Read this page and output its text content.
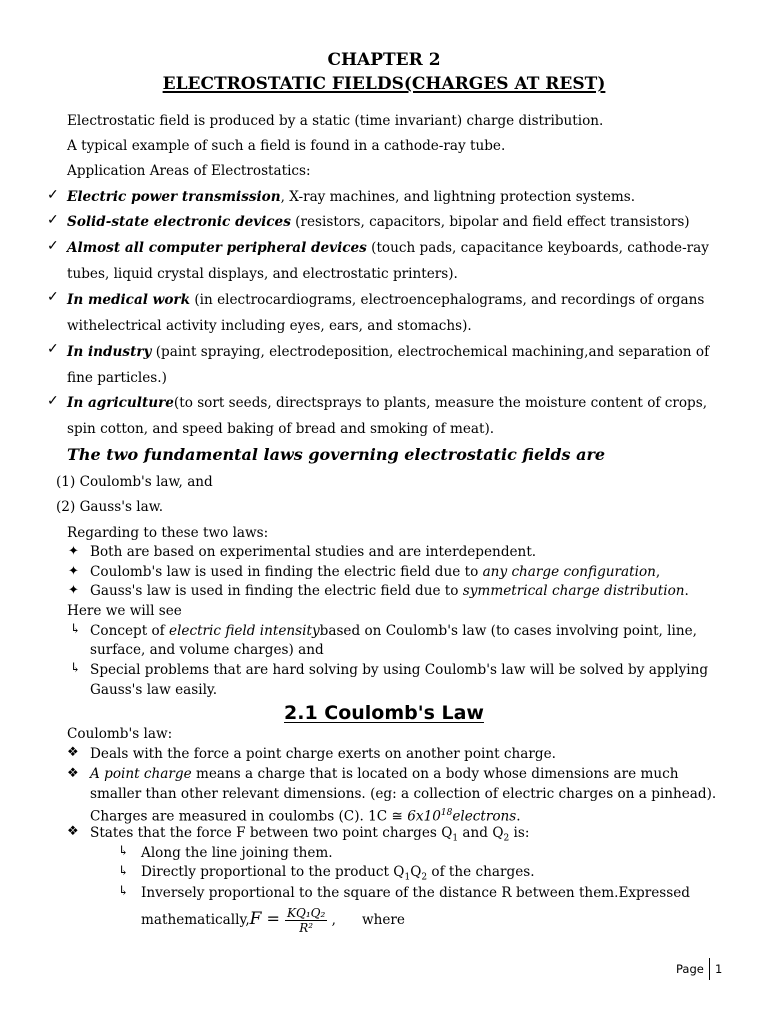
CHAPTER 2
ELECTROSTATIC FIELDS(CHARGES AT REST)
Electrostatic field is produced by a static (time invariant) charge distribution.
A typical example of such a field is found in a cathode-ray tube.
Application Areas of Electrostatics:
✓ Electric power transmission, X-ray machines, and lightning protection systems.
✓ Solid-state electronic devices (resistors, capacitors, bipolar and field effect transistors)
✓ Almost all computer peripheral devices (touch pads, capacitance keyboards, cathode-ray
tubes, liquid crystal displays, and electrostatic printers).
✓ In medical work (in electrocardiograms, electroencephalograms, and recordings of organs
withelectrical activity including eyes, ears, and stomachs).
✓ In industry (paint spraying, electrodeposition, electrochemical machining,and separation of
fine particles.)
✓ In agriculture(to sort seeds, directsprays to plants, measure the moisture content of crops,
spin cotton, and speed baking of bread and smoking of meat).
The two fundamental laws governing electrostatic fields are
(1) Coulomb's law, and
(2) Gauss's law.
Regarding to these two laws:
✦ Both are based on experimental studies and are interdependent.
✦ Coulomb's law is used in finding the electric field due to any charge configuration,
✦ Gauss's law is used in finding the electric field due to symmetrical charge distribution.
Here we will see
↳ Concept of electric field intensitybased on Coulomb's law (to cases involving point, line,
surface, and volume charges) and
↳ Special problems that are hard solving by using Coulomb's law will be solved by applying
Gauss's law easily.
2.1 Coulomb's Law
Coulomb's law:
❖ Deals with the force a point charge exerts on another point charge.
❖ A point charge means a charge that is located on a body whose dimensions are much
smaller than other relevant dimensions. (eg: a collection of electric charges on a pinhead).
Charges are measured in coulombs (C). 1C ≅ $6x10^{18}electrons$.
❖ States that the force F between two point charges $Q_1$ and $Q_2$ is:
↳ Along the line joining them.
↳ Directly proportional to the product $Q_1Q_2$ of the charges.
↳ Inversely proportional to the square of the distance R between them.Expressed
mathematically,F = $\frac{\text{KQ₁Q₂}}{\text{R²}}$ , where
Page 1
